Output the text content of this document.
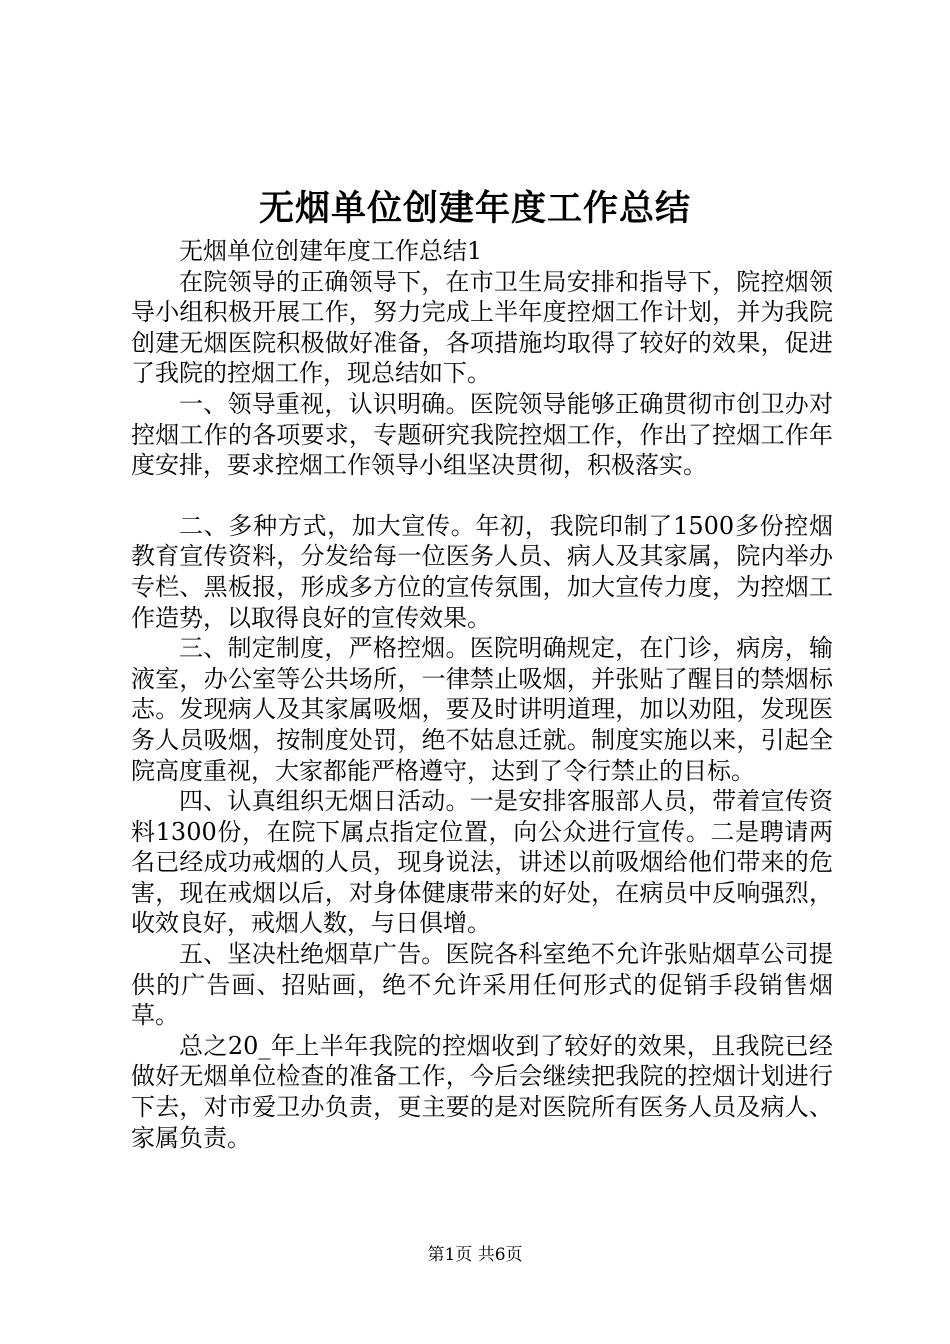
无烟单位创建年度工作总结

无烟单位创建年度工作总结1

在院领导的正确领导下，在市卫生局安排和指导下，院控烟领导小组积极开展工作，努力完成上半年度控烟工作计划，并为我院创建无烟医院积极做好准备，各项措施均取得了较好的效果，促进了我院的控烟工作，现总结如下。

一、领导重视，认识明确。医院领导能够正确贯彻市创卫办对控烟工作的各项要求，专题研究我院控烟工作，作出了控烟工作年度安排，要求控烟工作领导小组坚决贯彻，积极落实。

二、多种方式，加大宣传。年初，我院印制了1500多份控烟教育宣传资料，分发给每一位医务人员、病人及其家属，院内举办专栏、黑板报，形成多方位的宣传氛围，加大宣传力度，为控烟工作造势，以取得良好的宣传效果。

三、制定制度，严格控烟。医院明确规定，在门诊，病房，输液室，办公室等公共场所，一律禁止吸烟，并张贴了醒目的禁烟标志。发现病人及其家属吸烟，要及时讲明道理，加以劝阻，发现医务人员吸烟，按制度处罚，绝不姑息迁就。制度实施以来，引起全院高度重视，大家都能严格遵守，达到了令行禁止的目标。

四、认真组织无烟日活动。一是安排客服部人员，带着宣传资料1300份，在院下属点指定位置，向公众进行宣传。二是聘请两名已经成功戒烟的人员，现身说法，讲述以前吸烟给他们带来的危害，现在戒烟以后，对身体健康带来的好处，在病员中反响强烈，收效良好，戒烟人数，与日俱增。

五、坚决杜绝烟草广告。医院各科室绝不允许张贴烟草公司提供的广告画、招贴画，绝不允许采用任何形式的促销手段销售烟草。

总之20_年上半年我院的控烟收到了较好的效果，且我院已经做好无烟单位检查的准备工作，今后会继续把我院的控烟计划进行下去，对市爱卫办负责，更主要的是对医院所有医务人员及病人、家属负责。

第1页 共6页
